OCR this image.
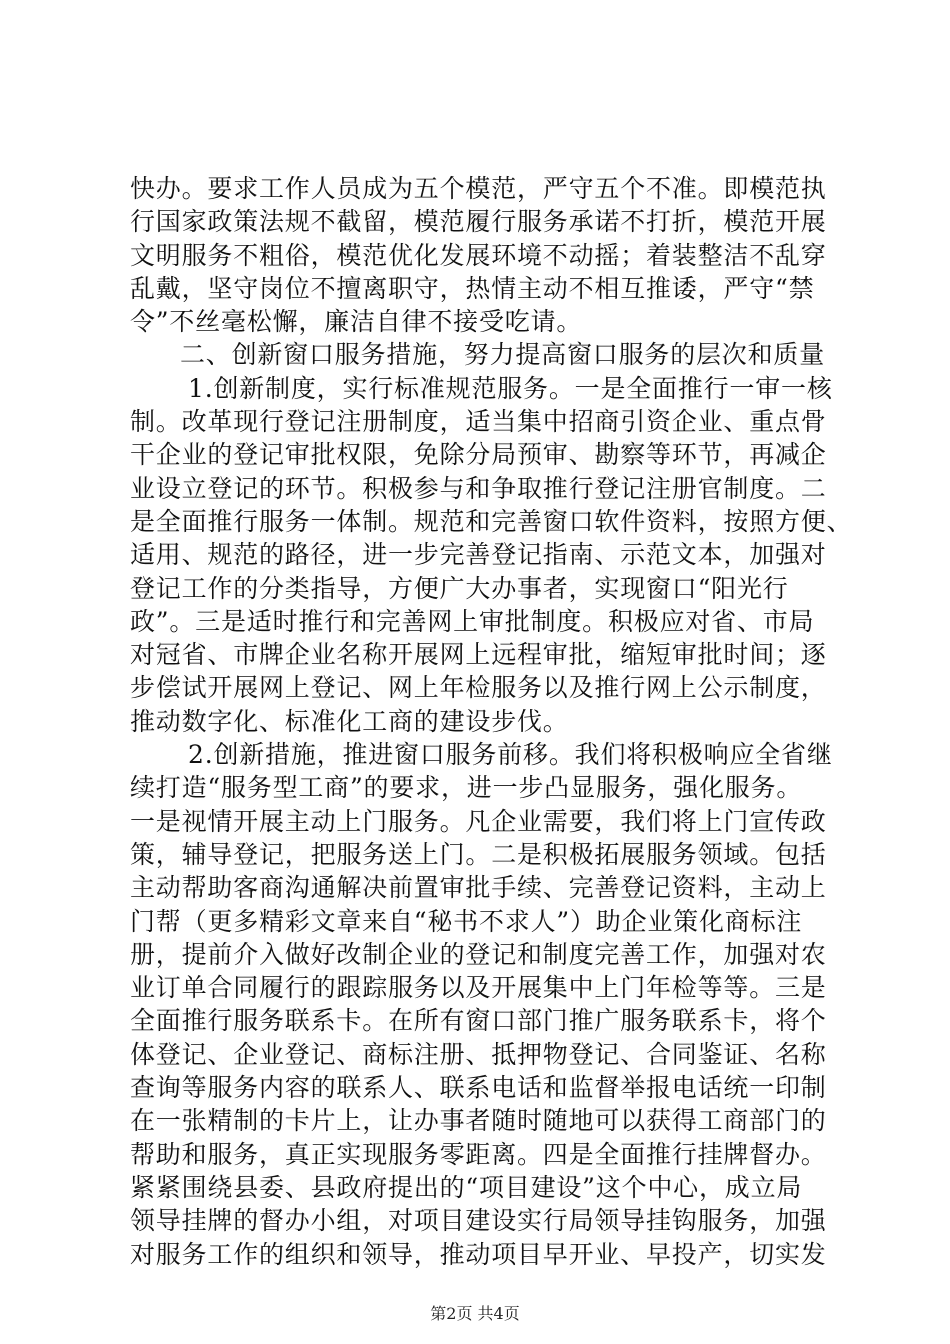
快办。要求工作人员成为五个模范，严守五个不准。即模范执
行国家政策法规不截留，模范履行服务承诺不打折，模范开展
文明服务不粗俗，模范优化发展环境不动摇；着装整洁不乱穿
乱戴，坚守岗位不擅离职守，热情主动不相互推诿，严守“禁
令”不丝毫松懈，廉洁自律不接受吃请。
二、创新窗口服务措施，努力提高窗口服务的层次和质量
1.创新制度，实行标准规范服务。一是全面推行一审一核
制。改革现行登记注册制度，适当集中招商引资企业、重点骨
干企业的登记审批权限，免除分局预审、勘察等环节，再减企
业设立登记的环节。积极参与和争取推行登记注册官制度。二
是全面推行服务一体制。规范和完善窗口软件资料，按照方便、
适用、规范的路径，进一步完善登记指南、示范文本，加强对
登记工作的分类指导，方便广大办事者，实现窗口“阳光行
政”。三是适时推行和完善网上审批制度。积极应对省、市局
对冠省、市牌企业名称开展网上远程审批，缩短审批时间；逐
步偿试开展网上登记、网上年检服务以及推行网上公示制度，
推动数字化、标准化工商的建设步伐。
2.创新措施，推进窗口服务前移。我们将积极响应全省继
续打造“服务型工商”的要求，进一步凸显服务，强化服务。
一是视情开展主动上门服务。凡企业需要，我们将上门宣传政
策，辅导登记，把服务送上门。二是积极拓展服务领域。包括
主动帮助客商沟通解决前置审批手续、完善登记资料，主动上
门帮（更多精彩文章来自“秘书不求人”）助企业策化商标注
册，提前介入做好改制企业的登记和制度完善工作，加强对农
业订单合同履行的跟踪服务以及开展集中上门年检等等。三是
全面推行服务联系卡。在所有窗口部门推广服务联系卡，将个
体登记、企业登记、商标注册、抵押物登记、合同鉴证、名称
查询等服务内容的联系人、联系电话和监督举报电话统一印制
在一张精制的卡片上，让办事者随时随地可以获得工商部门的
帮助和服务，真正实现服务零距离。四是全面推行挂牌督办。
紧紧围绕县委、县政府提出的“项目建设”这个中心，成立局
领导挂牌的督办小组，对项目建设实行局领导挂钩服务，加强
对服务工作的组织和领导，推动项目早开业、早投产，切实发
第2页 共4页
